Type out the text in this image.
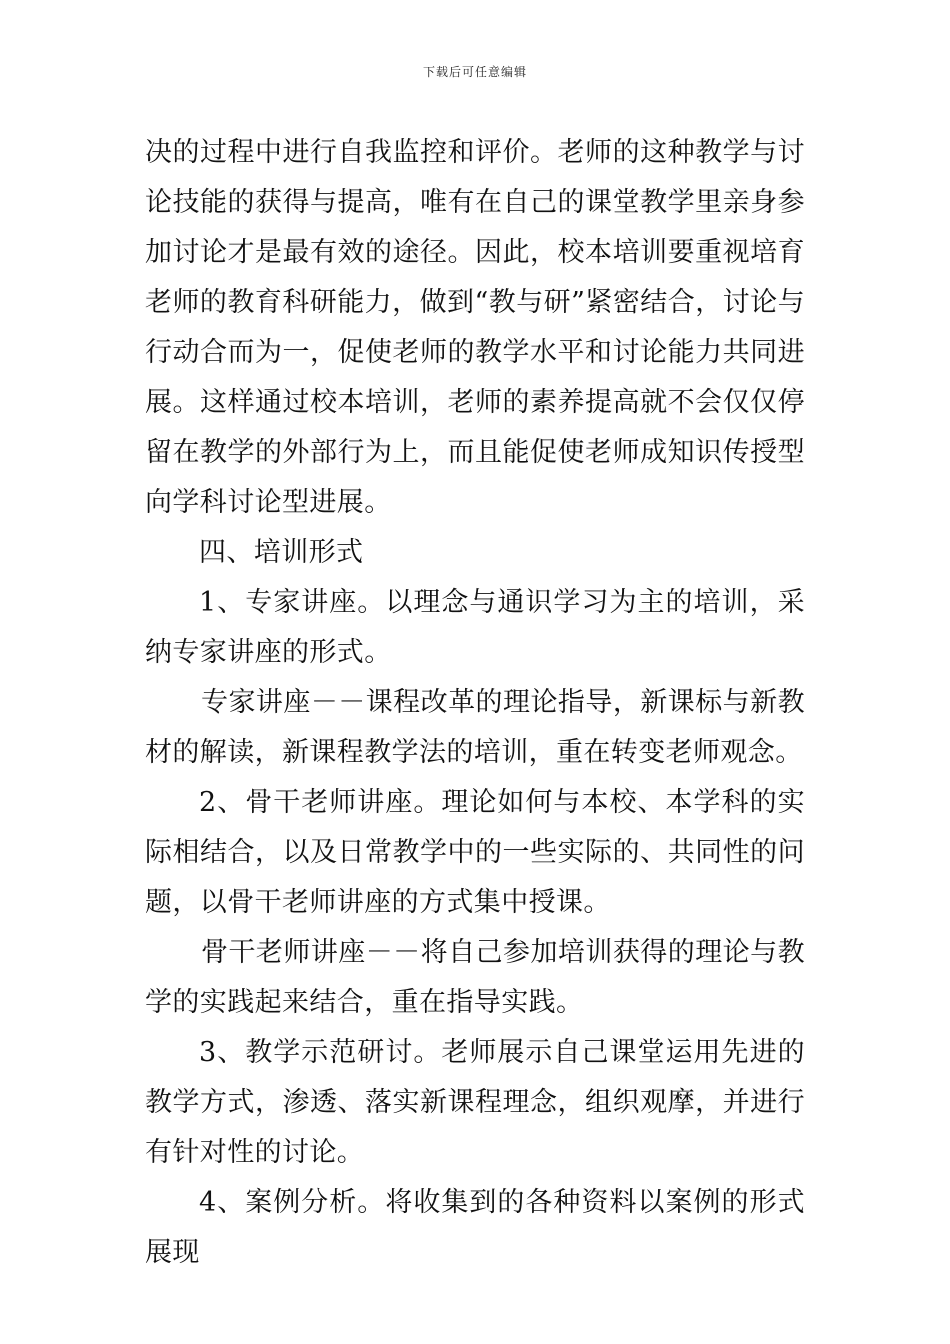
下载后可任意编辑

决的过程中进行自我监控和评价。老师的这种教学与讨论技能的获得与提高，唯有在自己的课堂教学里亲身参加讨论才是最有效的途径。因此，校本培训要重视培育老师的教育科研能力，做到“教与研”紧密结合，讨论与行动合而为一，促使老师的教学水平和讨论能力共同进展。这样通过校本培训，老师的素养提高就不会仅仅停留在教学的外部行为上，而且能促使老师成知识传授型向学科讨论型进展。

四、培训形式

1、专家讲座。以理念与通识学习为主的培训，采纳专家讲座的形式。

专家讲座－－课程改革的理论指导，新课标与新教材的解读，新课程教学法的培训，重在转变老师观念。

2、骨干老师讲座。理论如何与本校、本学科的实际相结合，以及日常教学中的一些实际的、共同性的问题，以骨干老师讲座的方式集中授课。

骨干老师讲座－－将自己参加培训获得的理论与教学的实践起来结合，重在指导实践。

3、教学示范研讨。老师展示自己课堂运用先进的教学方式，渗透、落实新课程理念，组织观摩，并进行有针对性的讨论。

4、案例分析。将收集到的各种资料以案例的形式展现
